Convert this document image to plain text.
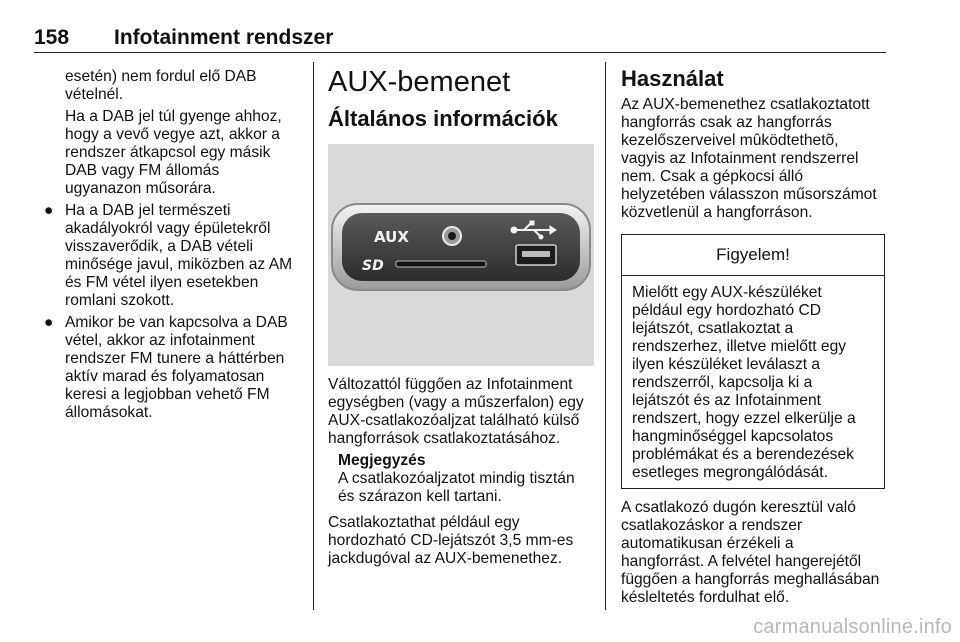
158 Infotainment rendszer

esetén) nem fordul elő DAB
vételnél.

Ha a DAB jel túl gyenge ahhoz,
hogy a vevő vegye azt, akkor a
rendszer átkapcsol egy másik
DAB vagy FM állomás
ugyanazon műsorára.

● Ha a DAB jel természeti
akadályokról vagy épületekről
visszaverődik, a DAB vételi
minősége javul, miközben az AM
és FM vétel ilyen esetekben
romlani szokott.
● Amikor be van kapcsolva a DAB
vétel, akkor az infotainment
rendszer FM tunere a háttérben
aktív marad és folyamatosan
keresi a legjobban vehető FM
állomásokat.
AUX-bemenet
Általános információk
AUX
SD

Változattól függően az Infotainment
egységben (vagy a műszerfalon) egy
AUX-csatlakozóaljzat található külső
hangforrások csatlakoztatásához.

Megjegyzés
A csatlakozóaljzatot mindig tisztán
és szárazon kell tartani.

Csatlakoztathat például egy
hordozható CD-lejátszót 3,5 mm-es
jackdugóval az AUX-bemenethez.

Használat

Az AUX-bemenethez csatlakoztatott
hangforrás csak az hangforrás
kezelőszerveivel mûködtethetõ,
vagyis az Infotainment rendszerrel
nem. Csak a gépkocsi álló
helyzetében válasszon műsorszámot
közvetlenül a hangforráson.

Figyelem!
Mielőtt egy AUX-készüléket
például egy hordozható CD
lejátszót, csatlakoztat a
rendszerhez, illetve mielőtt egy
ilyen készüléket leválaszt a
rendszerről, kapcsolja ki a
lejátszót és az Infotainment
rendszert, hogy ezzel elkerülje a
hangminőséggel kapcsolatos
problémákat és a berendezések
esetleges megrongálódását.

A csatlakozó dugón keresztül való
csatlakozáskor a rendszer
automatikusan érzékeli a
hangforrást. A felvétel hangerejétől
függően a hangforrás meghallásában
késleltetés fordulhat elő.

carmanualsonline.info
